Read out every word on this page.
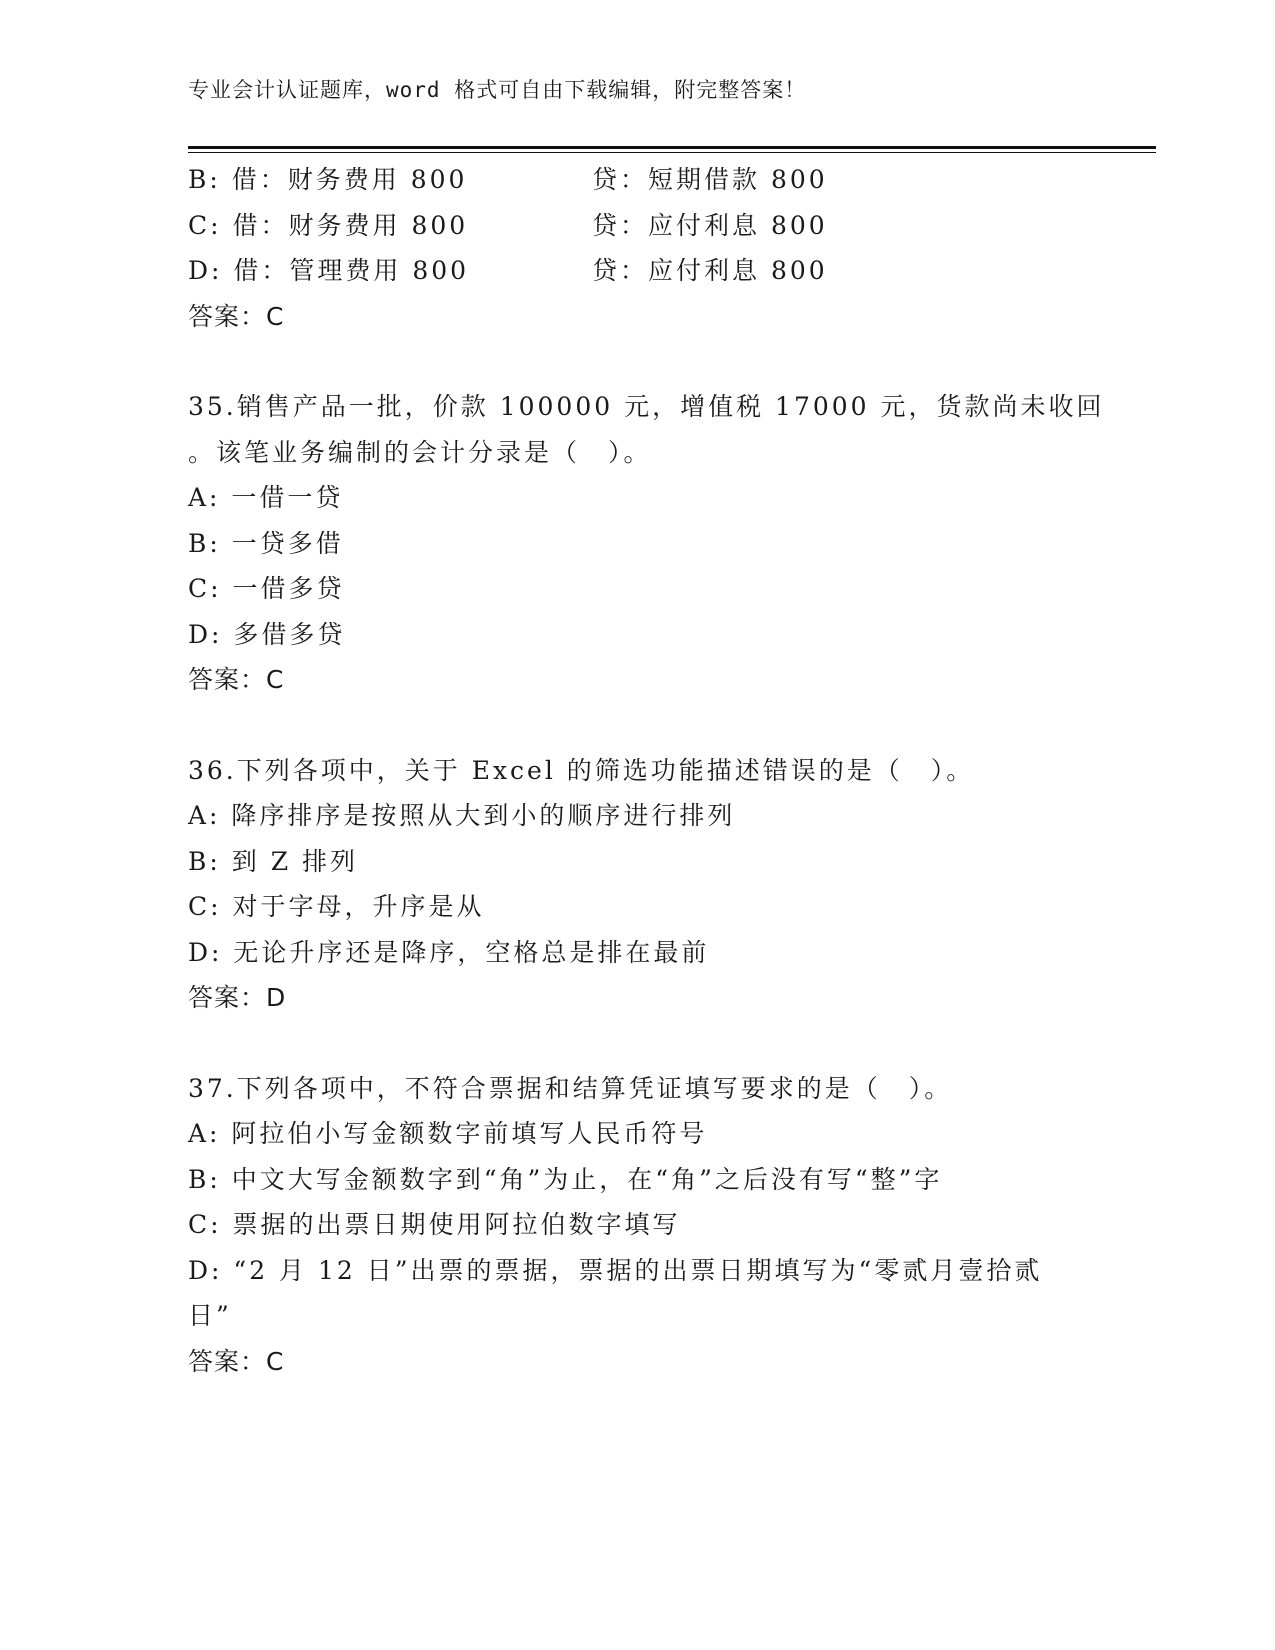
专业会计认证题库，word 格式可自由下载编辑，附完整答案！
B: 借：财务费用 800	贷：短期借款 800
C: 借：财务费用 800	贷：应付利息 800
D: 借：管理费用 800	贷：应付利息 800
答案：C
35.销售产品一批，价款 100000 元，增值税 17000 元，货款尚未收回
。该笔业务编制的会计分录是（　）。
A: 一借一贷
B: 一贷多借
C: 一借多贷
D: 多借多贷
答案：C
36.下列各项中，关于 Excel 的筛选功能描述错误的是（　）。
A: 降序排序是按照从大到小的顺序进行排列
B: 到 Z 排列
C: 对于字母，升序是从
D: 无论升序还是降序，空格总是排在最前
答案：D
37.下列各项中，不符合票据和结算凭证填写要求的是（　）。
A: 阿拉伯小写金额数字前填写人民币符号
B: 中文大写金额数字到“角”为止，在“角”之后没有写“整”字
C: 票据的出票日期使用阿拉伯数字填写
D: “2 月 12 日”出票的票据，票据的出票日期填写为“零贰月壹拾贰
日”
答案：C
